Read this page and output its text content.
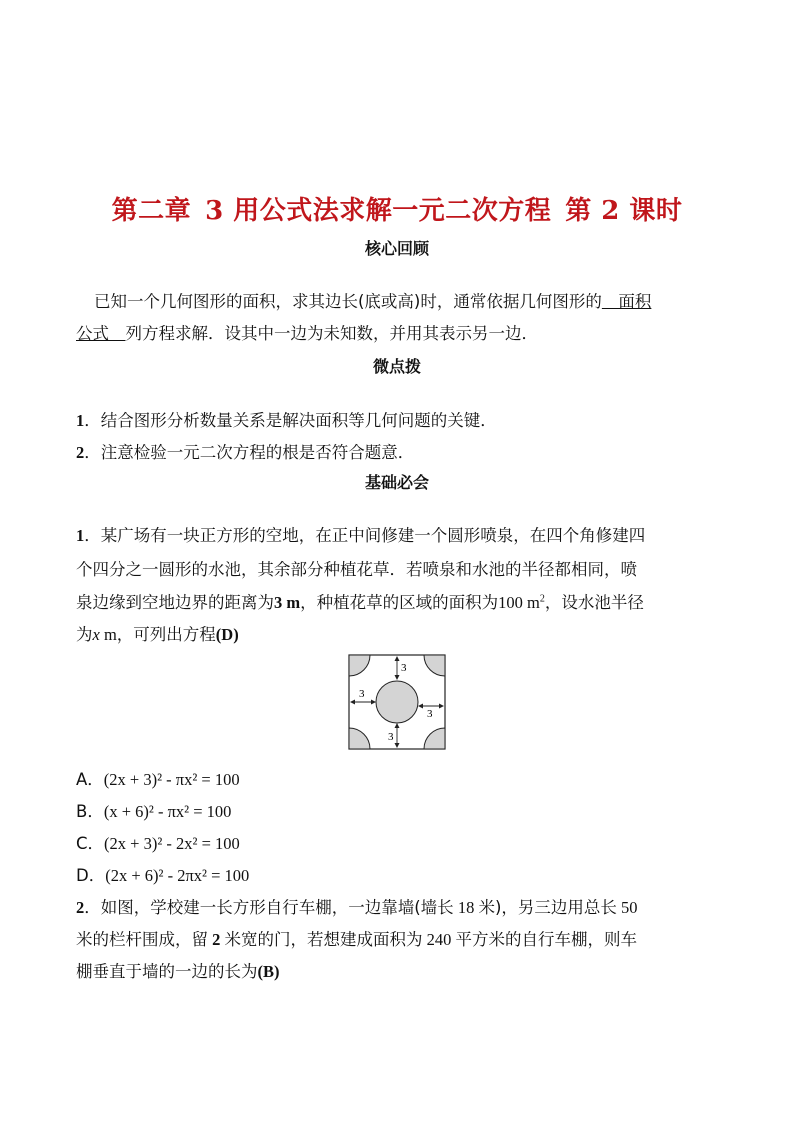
第二章 3 用公式法求解一元二次方程 第 2 课时
核心回顾
已知一个几何图形的面积，求其边长(底或高)时，通常依据几何图形的　面积
公式　列方程求解．设其中一边为未知数，并用其表示另一边．
微点拨
1．结合图形分析数量关系是解决面积等几何问题的关键．
2．注意检验一元二次方程的根是否符合题意．
基础必会
1．某广场有一块正方形的空地，在正中间修建一个圆形喷泉，在四个角修建四
个四分之一圆形的水池，其余部分种植花草．若喷泉和水池的半径都相同，喷
泉边缘到空地边界的距离为3 m，种植花草的区域的面积为100 $m^2$，设水池半径
为x m，可列出方程(D)
3
3
3
3
A．(2x + 3)² - πx² = 100
B．(x + 6)² - πx² = 100
C．(2x + 3)² - 2x² = 100
D．(2x + 6)² - 2πx² = 100
2．如图，学校建一长方形自行车棚，一边靠墙(墙长 18 米)，另三边用总长 50
米的栏杆围成，留 2 米宽的门，若想建成面积为 240 平方米的自行车棚，则车
棚垂直于墙的一边的长为(B)
